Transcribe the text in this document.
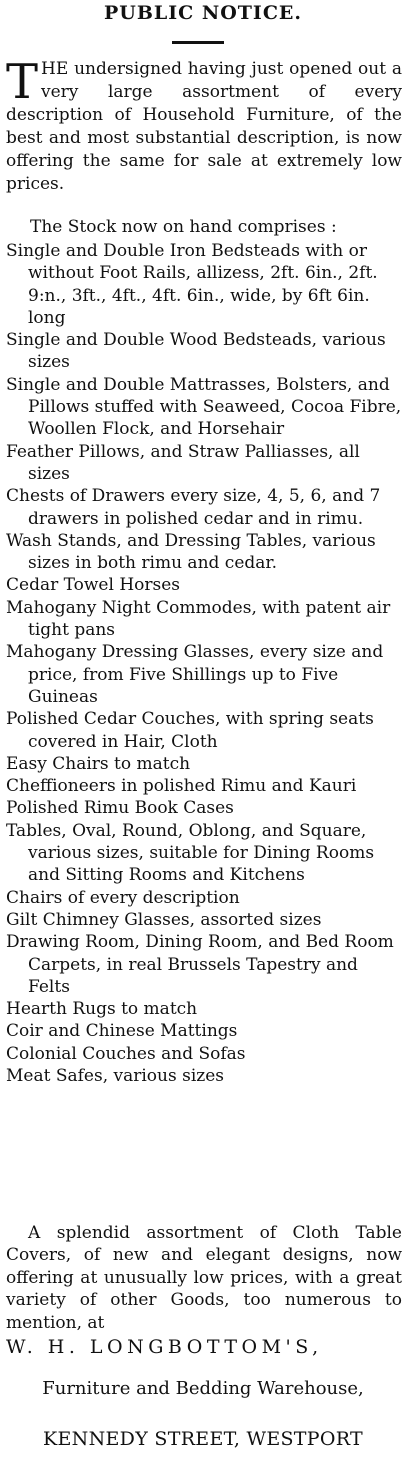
PUBLIC NOTICE.
THE undersigned having just opened out a very large assortment of every description of Household Furniture, of the best and most substantial description, is now offering the same for sale at extremely low prices.
The Stock now on hand comprises :
Single and Double Iron Bedsteads with or without Foot Rails, allizess, 2ft. 6in., 2ft. 9:n., 3ft., 4ft., 4ft. 6in., wide, by 6ft 6in. long
Single and Double Wood Bedsteads, various sizes
Single and Double Mattrasses, Bolsters, and Pillows stuffed with Seaweed, Cocoa Fibre, Woollen Flock, and Horsehair
Feather Pillows, and Straw Palliasses, all sizes
Chests of Drawers every size, 4, 5, 6, and 7 drawers in polished cedar and in rimu.
Wash Stands, and Dressing Tables, various sizes in both rimu and cedar.
Cedar Towel Horses
Mahogany Night Commodes, with patent air tight pans
Mahogany Dressing Glasses, every size and price, from Five Shillings up to Five Guineas
Polished Cedar Couches, with spring seats covered in Hair, Cloth
Easy Chairs to match
Cheffioneers in polished Rimu and Kauri
Polished Rimu Book Cases
Tables, Oval, Round, Oblong, and Square, various sizes, suitable for Dining Rooms and Sitting Rooms and Kitchens
Chairs of every description
Gilt Chimney Glasses, assorted sizes
Drawing Room, Dining Room, and Bed Room Carpets, in real Brussels Tapestry and Felts
Hearth Rugs to match
Coir and Chinese Mattings
Colonial Couches and Sofas
Meat Safes, various sizes
A splendid assortment of Cloth Table Covers, of new and elegant designs, now offering at unusually low prices, with a great variety of other Goods, too numerous to mention, at
W. H. LONGBOTTOM'S,
Furniture and Bedding Warehouse,
KENNEDY STREET, WESTPORT
